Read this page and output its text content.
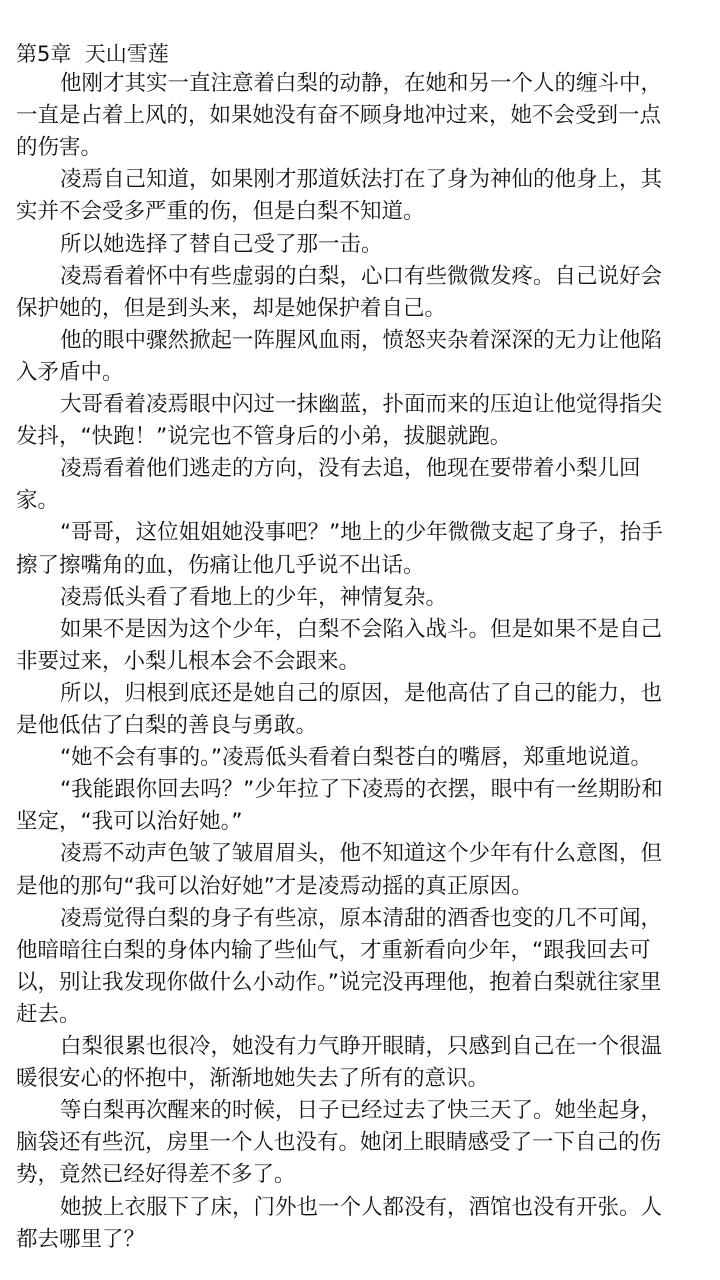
第5章  天山雪莲
他刚才其实一直注意着白梨的动静，在她和另一个人的缠斗中，
一直是占着上风的，如果她没有奋不顾身地冲过来，她不会受到一点
的伤害。
凌焉自己知道，如果刚才那道妖法打在了身为神仙的他身上，其
实并不会受多严重的伤，但是白梨不知道。
所以她选择了替自己受了那一击。
凌焉看着怀中有些虚弱的白梨，心口有些微微发疼。自己说好会
保护她的，但是到头来，却是她保护着自己。
他的眼中骤然掀起一阵腥风血雨，愤怒夹杂着深深的无力让他陷
入矛盾中。
大哥看着凌焉眼中闪过一抹幽蓝，扑面而来的压迫让他觉得指尖
发抖，“快跑！”说完也不管身后的小弟，拔腿就跑。
凌焉看着他们逃走的方向，没有去追，他现在要带着小梨儿回
家。
“哥哥，这位姐姐她没事吧？”地上的少年微微支起了身子，抬手
擦了擦嘴角的血，伤痛让他几乎说不出话。
凌焉低头看了看地上的少年，神情复杂。
如果不是因为这个少年，白梨不会陷入战斗。但是如果不是自己
非要过来，小梨儿根本会不会跟来。
所以，归根到底还是她自己的原因，是他高估了自己的能力，也
是他低估了白梨的善良与勇敢。
“她不会有事的。”凌焉低头看着白梨苍白的嘴唇，郑重地说道。
“我能跟你回去吗？”少年拉了下凌焉的衣摆，眼中有一丝期盼和
坚定，“我可以治好她。”
凌焉不动声色皱了皱眉眉头，他不知道这个少年有什么意图，但
是他的那句“我可以治好她”才是凌焉动摇的真正原因。
凌焉觉得白梨的身子有些凉，原本清甜的酒香也变的几不可闻，
他暗暗往白梨的身体内输了些仙气，才重新看向少年，“跟我回去可
以，别让我发现你做什么小动作。”说完没再理他，抱着白梨就往家里
赶去。
白梨很累也很冷，她没有力气睁开眼睛，只感到自己在一个很温
暖很安心的怀抱中，渐渐地她失去了所有的意识。
等白梨再次醒来的时候，日子已经过去了快三天了。她坐起身，
脑袋还有些沉，房里一个人也没有。她闭上眼睛感受了一下自己的伤
势，竟然已经好得差不多了。
她披上衣服下了床，门外也一个人都没有，酒馆也没有开张。人
都去哪里了？
